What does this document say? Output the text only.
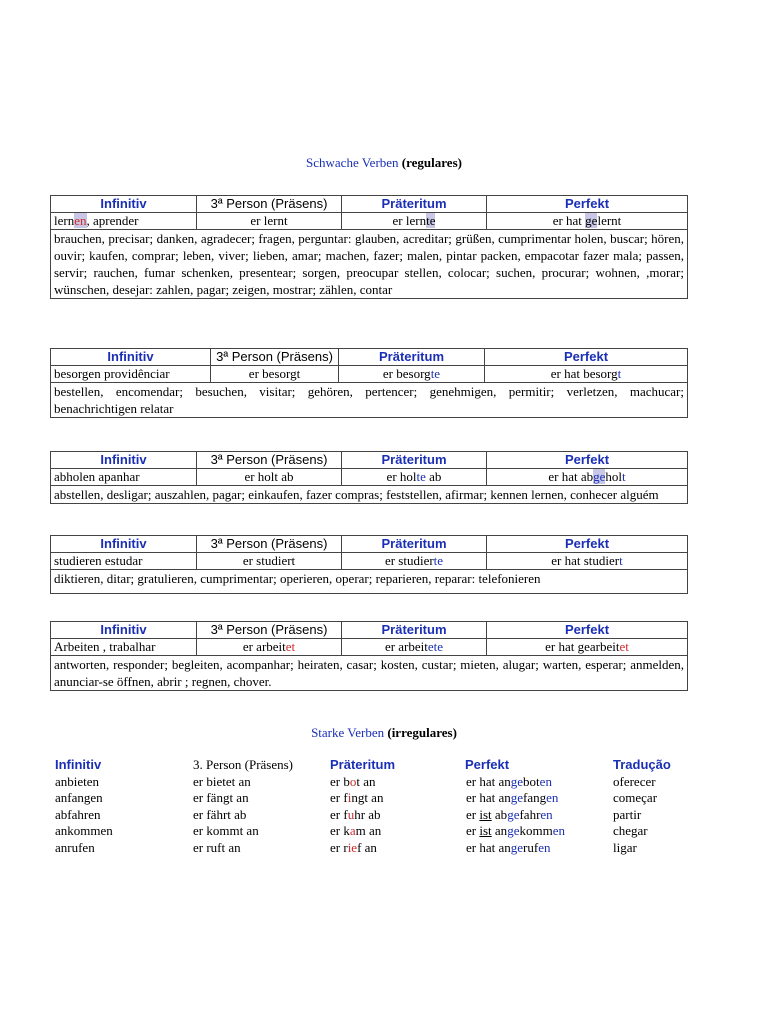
Schwache Verben (regulares)
Infinitiv	3ª Person (Präsens)	Präteritum	Perfekt
lernen, aprender	er lernt	er lernte	er hat gelernt
brauchen, precisar; danken, agradecer; fragen, perguntar: glauben, acreditar; grüßen, cumprimentar holen, buscar; hören, ouvir; kaufen, comprar; leben, viver; lieben, amar; machen, fazer; malen, pintar packen, empacotar fazer mala; passen, servir; rauchen, fumar schenken, presentear; sorgen, preocupar stellen, colocar; suchen, procurar; wohnen, ,morar; wünschen, desejar: zahlen, pagar; zeigen, mostrar; zählen, contar			
Infinitiv	3ª Person (Präsens)	Präteritum	Perfekt
besorgen providênciar	er besorgt	er besorgte	er hat besorgt
bestellen, encomendar; besuchen, visitar; gehören, pertencer; genehmigen, permitir; verletzen, machucar; benachrichtigen relatar			
Infinitiv	3ª Person (Präsens)	Präteritum	Perfekt
abholen apanhar	er holt ab	er holte ab	er hat abgeholt
abstellen, desligar; auszahlen, pagar; einkaufen, fazer compras; feststellen, afirmar; kennen lernen, conhecer alguém			
Infinitiv	3ª Person (Präsens)	Präteritum	Perfekt
studieren estudar	er studiert	er studierte	er hat studiert
diktieren, ditar; gratulieren, cumprimentar; operieren, operar; reparieren, reparar: telefonieren			
Infinitiv	3ª Person (Präsens)	Präteritum	Perfekt
Arbeiten , trabalhar	er arbeitet	er arbeitete	er hat gearbeitet
antworten, responder; begleiten, acompanhar; heiraten, casar; kosten, custar; mieten, alugar; warten, esperar; anmelden, anunciar-se öffnen, abrir ; regnen, chover.			
Starke Verben (irregulares)
Infinitiv	3. Person (Präsens)	Präteritum	Perfekt	Tradução
anbieten	er bietet an	er bot an	er hat angeboten	oferecer
anfangen	er fängt an	er fingt an	er hat angefangen	começar
abfahren	er fährt ab	er fuhr ab	er ist abgefahren	partir
ankommen	er kommt an	er kam an	er ist angekommen	chegar
anrufen	er ruft an	er rief an	er hat angerufen	ligar
